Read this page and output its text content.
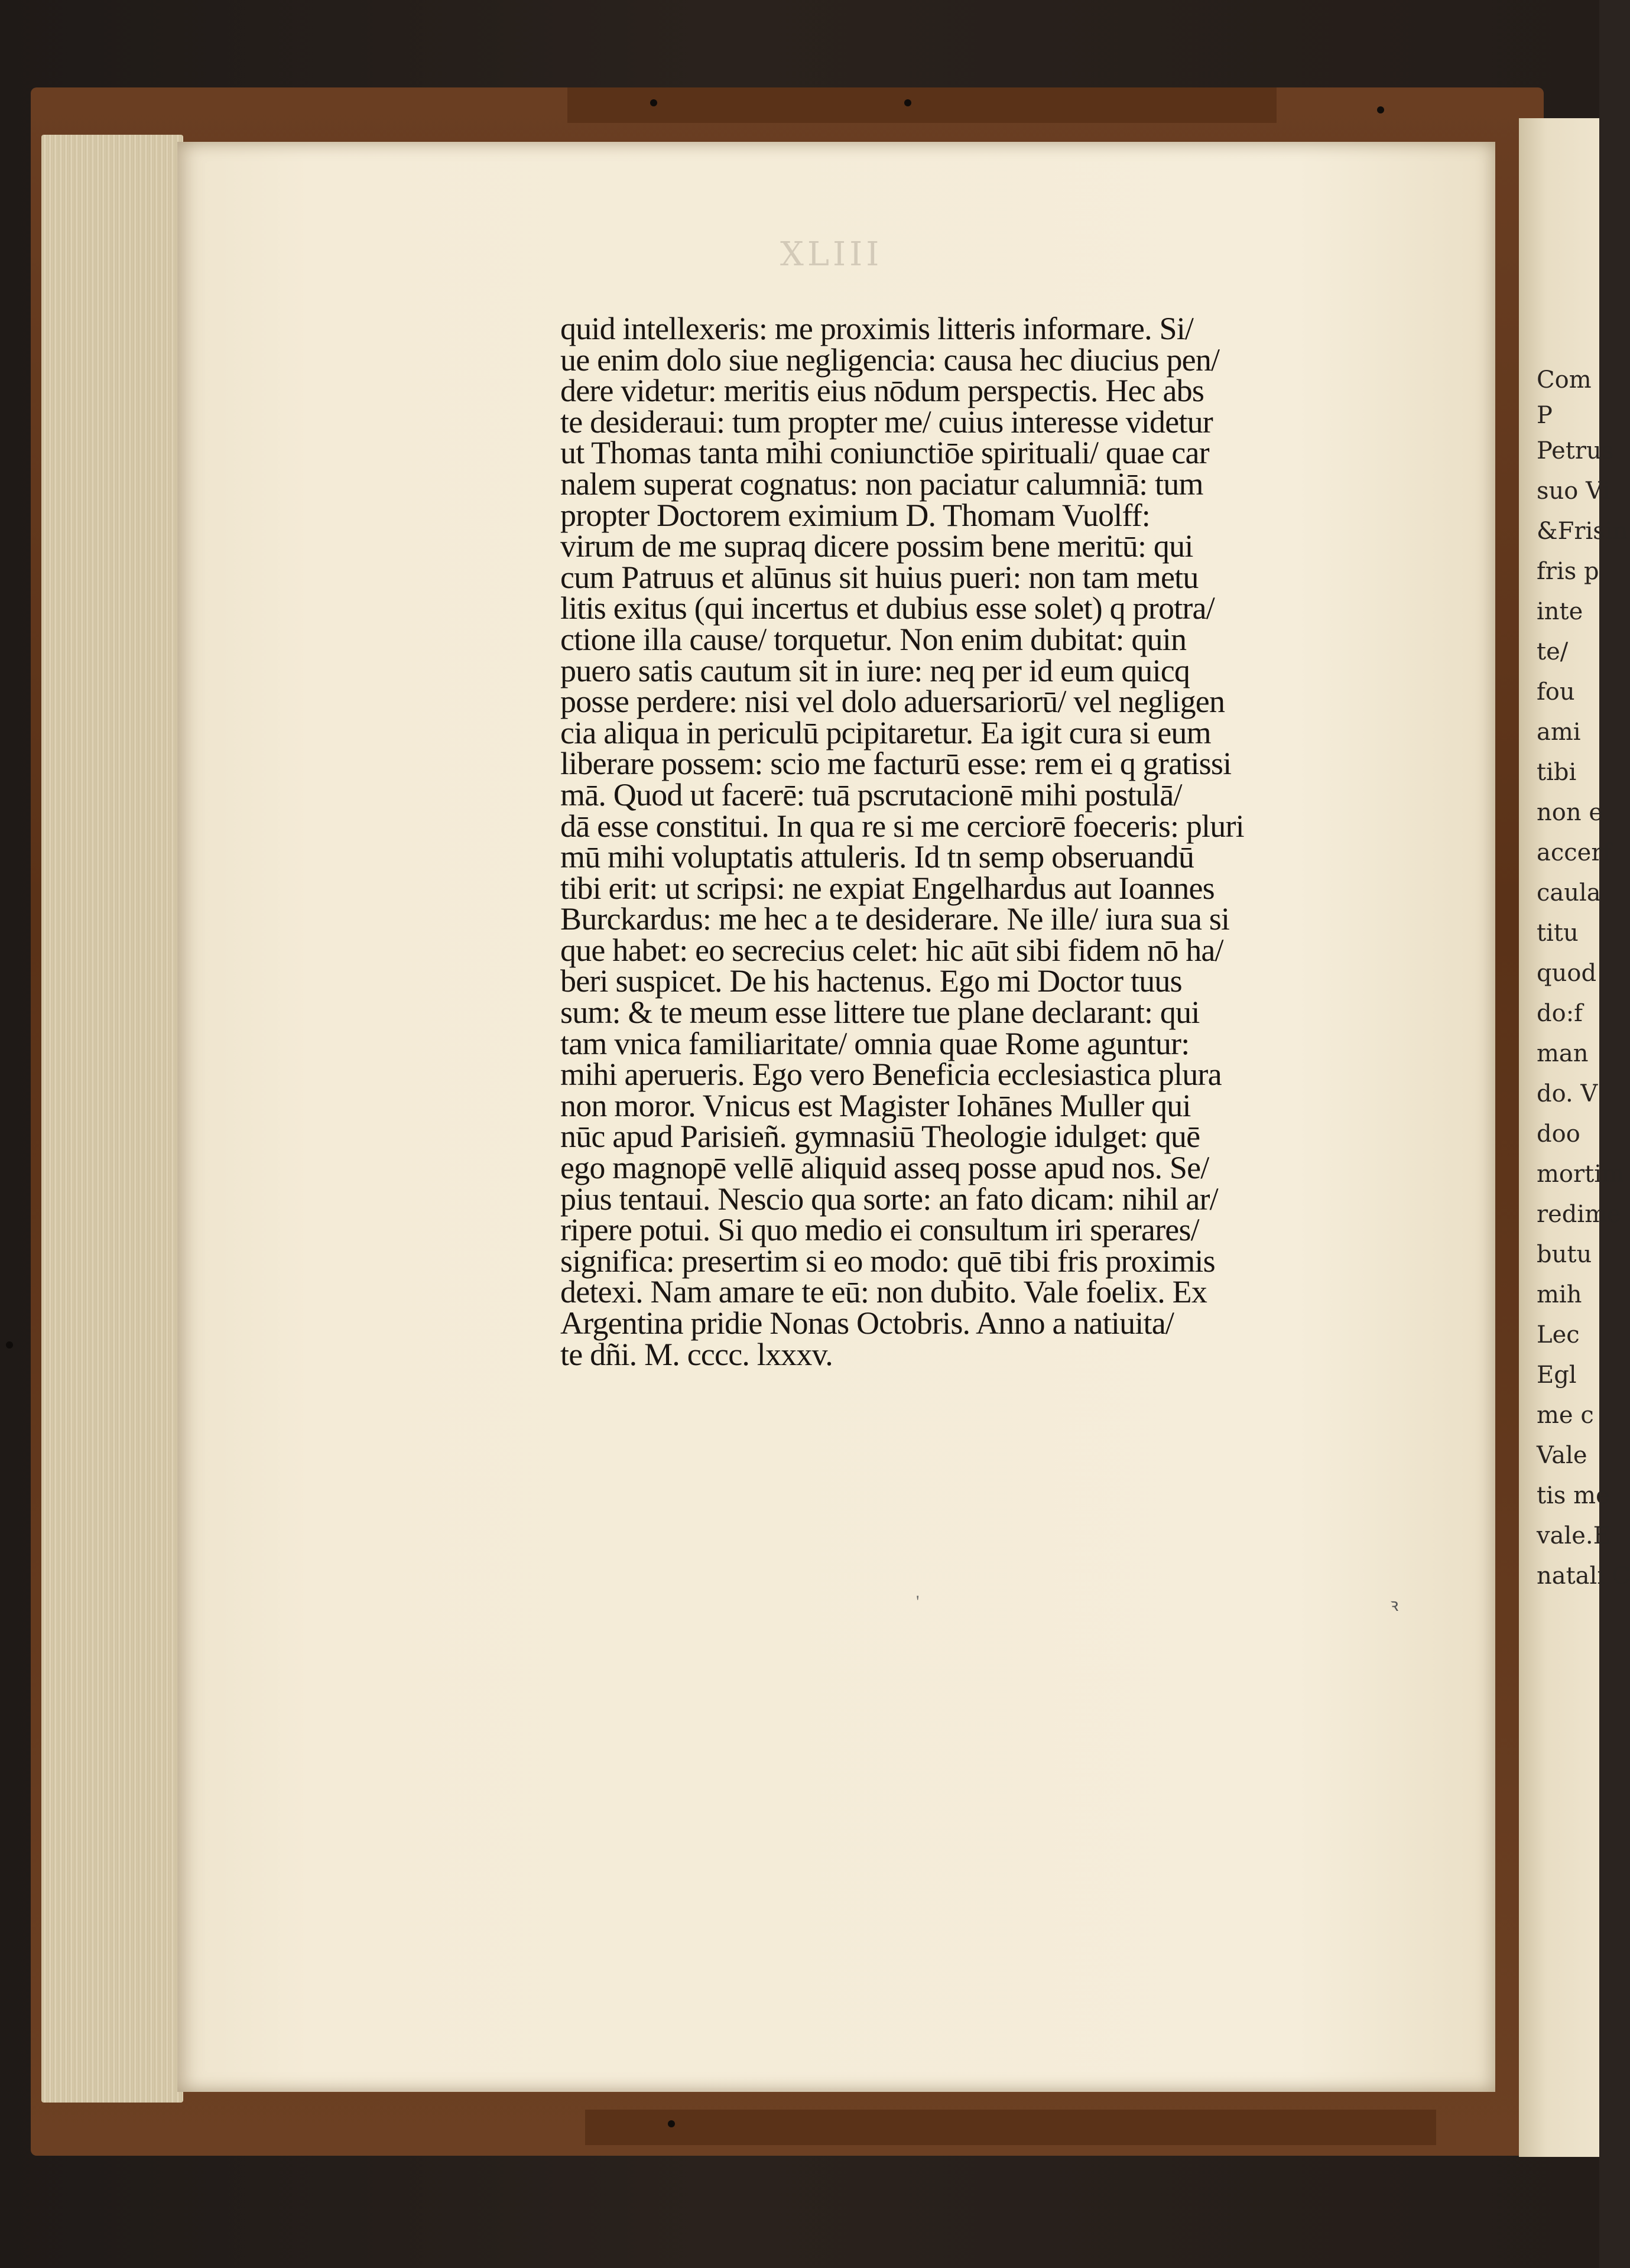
Com
P
Petrus
suo Vi
&Frisin
fris p
inte
te/
fou
ami
tibi
non e
accerf
caula
titu
quod
do:f
man
do. V
doo
mortim
redime
butu
mih
Lec
Egl
me c
Vale
tis me
vale.E
natali C
XLIII
quid intellexeris: me proximis litteris informare. Si/
ue enim dolo siue negligencia: causa hec diucius pen/
dere videtur: meritis eius nōdum perspectis. Hec abs
te desideraui: tum propter me/ cuius interesse videtur
ut Thomas tanta mihi coniunctiōe spirituali/ quae car
nalem superat cognatus: non paciatur calumniā: tum
propter Doctorem eximium D. Thomam Vuolff:
virum de me supraq dicere possim bene meritū: qui
cum Patruus et alūnus sit huius pueri: non tam metu
litis exitus (qui incertus et dubius esse solet) q protra/
ctione illa cause/ torquetur. Non enim dubitat: quin
puero satis cautum sit in iure: neq per id eum quicq
posse perdere: nisi vel dolo aduersariorū/ vel negligen
cia aliqua in periculū pcipitaretur. Ea igit cura si eum
liberare possem: scio me facturū esse: rem ei q gratissi
mā. Quod ut facerē: tuā pscrutacionē mihi postulā/
dā esse constitui. In qua re si me cerciorē foeceris: pluri
mū mihi voluptatis attuleris. Id tn semp obseruandū
tibi erit: ut scripsi: ne expiat Engelhardus aut Ioannes
Burckardus: me hec a te desiderare. Ne ille/ iura sua si
que habet: eo secrecius celet: hic aūt sibi fidem nō ha/
beri suspicet. De his hactenus. Ego mi Doctor tuus
sum: & te meum esse littere tue plane declarant: qui
tam vnica familiaritate/ omnia quae Rome aguntur:
mihi aperueris. Ego vero Beneficia ecclesiastica plura
non moror. Vnicus est Magister Iohānes Muller qui
nūc apud Parisieñ. gymnasiū Theologie idulget: quē
ego magnopē vellē aliquid asseq posse apud nos. Se/
pius tentaui. Nescio qua sorte: an fato dicam: nihil ar/
ripere potui. Si quo medio ei consultum iri sperares/
significa: presertim si eo modo: quē tibi fris proximis
detexi. Nam amare te eū: non dubito. Vale foelix. Ex
Argentina pridie Nonas Octobris. Anno a natiuita/
te dñi. M. cccc. lxxxv.
'	ꝛ
